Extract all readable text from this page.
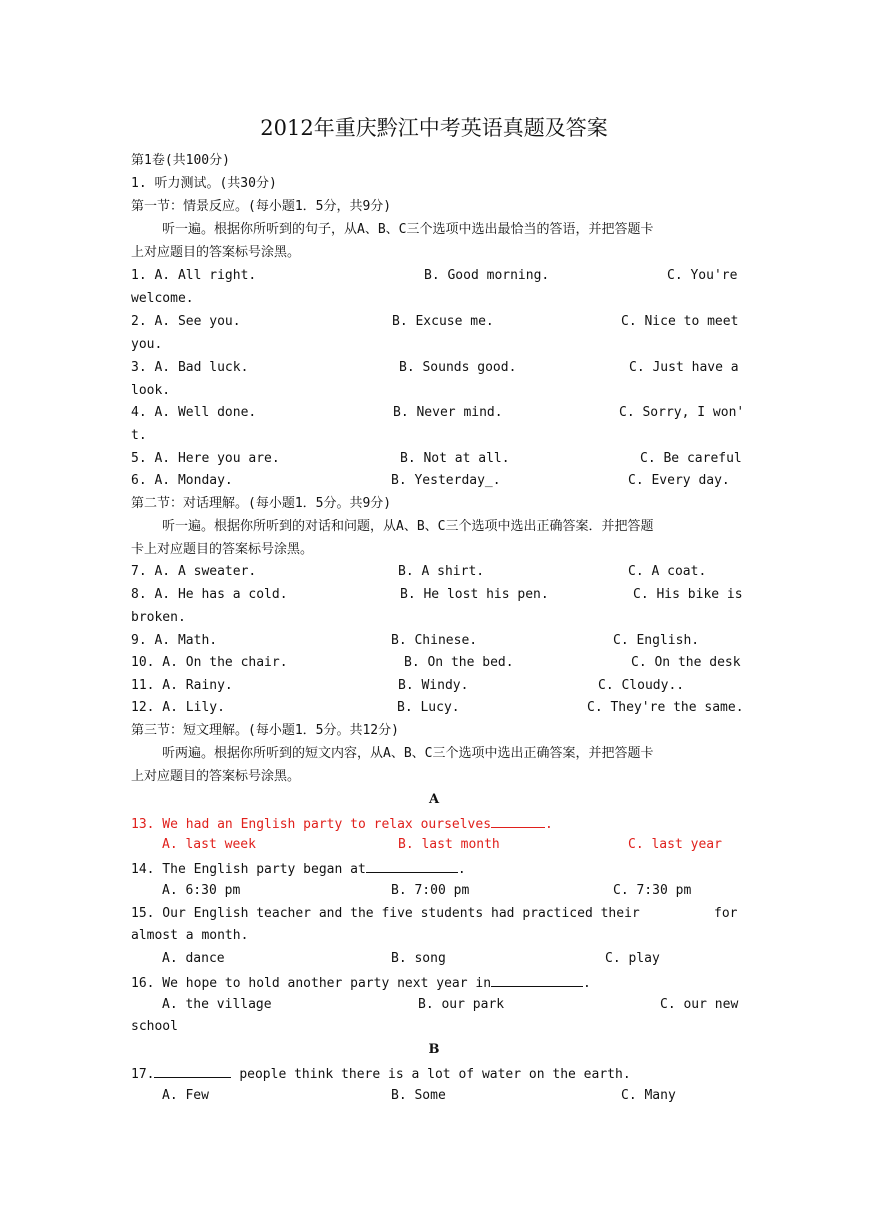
2012年重庆黔江中考英语真题及答案
第1卷(共100分)
1. 听力测试。(共30分)
第一节：情景反应。(每小题1．5分，共9分)
听一遍。根据你所听到的句子，从A、B、C三个选项中选出最恰当的答语，并把答题卡
上对应题目的答案标号涂黑。

1. A. All right.

	B. Good morning.

	C. You're

welcome.

2. A. See you.

	B. Excuse me.

	C. Nice to meet

you.

3. A. Bad luck.

	B. Sounds good.

	C. Just have a

look.

4. A. Well done.

	B. Never mind.

	C. Sorry, I won'

t.

5. A. Here you are.

	B. Not at all.

	C. Be careful

6. A. Monday.

	B. Yesterday_.

	C. Every day.

第二节：对话理解。(每小题1．5分。共9分)
听一遍。根据你所听到的对话和问题，从A、B、C三个选项中选出正确答案．并把答题
卡上对应题目的答案标号涂黑。

7. A. A sweater.

	B. A shirt.

	C. A coat.

8. A. He has a cold.

	B. He lost his pen.

	C. His bike is

broken.

9. A. Math.

	B. Chinese.

	C. English.

10. A. On the chair.

	B. On the bed.

	C. On the desk

11. A. Rainy.

	B. Windy.

	C. Cloudy..

12. A. Lily.

	B. Lucy.

	C. They're the same.

第三节：短文理解。(每小题1．5分。共12分)
听两遍。根据你所听到的短文内容，从A、B、C三个选项中选出正确答案，并把答题卡
上对应题目的答案标号涂黑。
A
13. We had an English party to relax ourselves	.

A. last week

	B. last month

	C. last year

14. The English party began at	.

A. 6:30 pm

	B. 7:00 pm

	C. 7:30 pm

15. Our English teacher and the five students had practiced their

	for

almost a month.

A. dance

	B. song

	C. play

16. We hope to hold another party next year in	.

A. the village

	B. our park

	C. our new

school
B
17.	people think there is a lot of water on the earth.

A. Few

	B. Some

	C. Many
